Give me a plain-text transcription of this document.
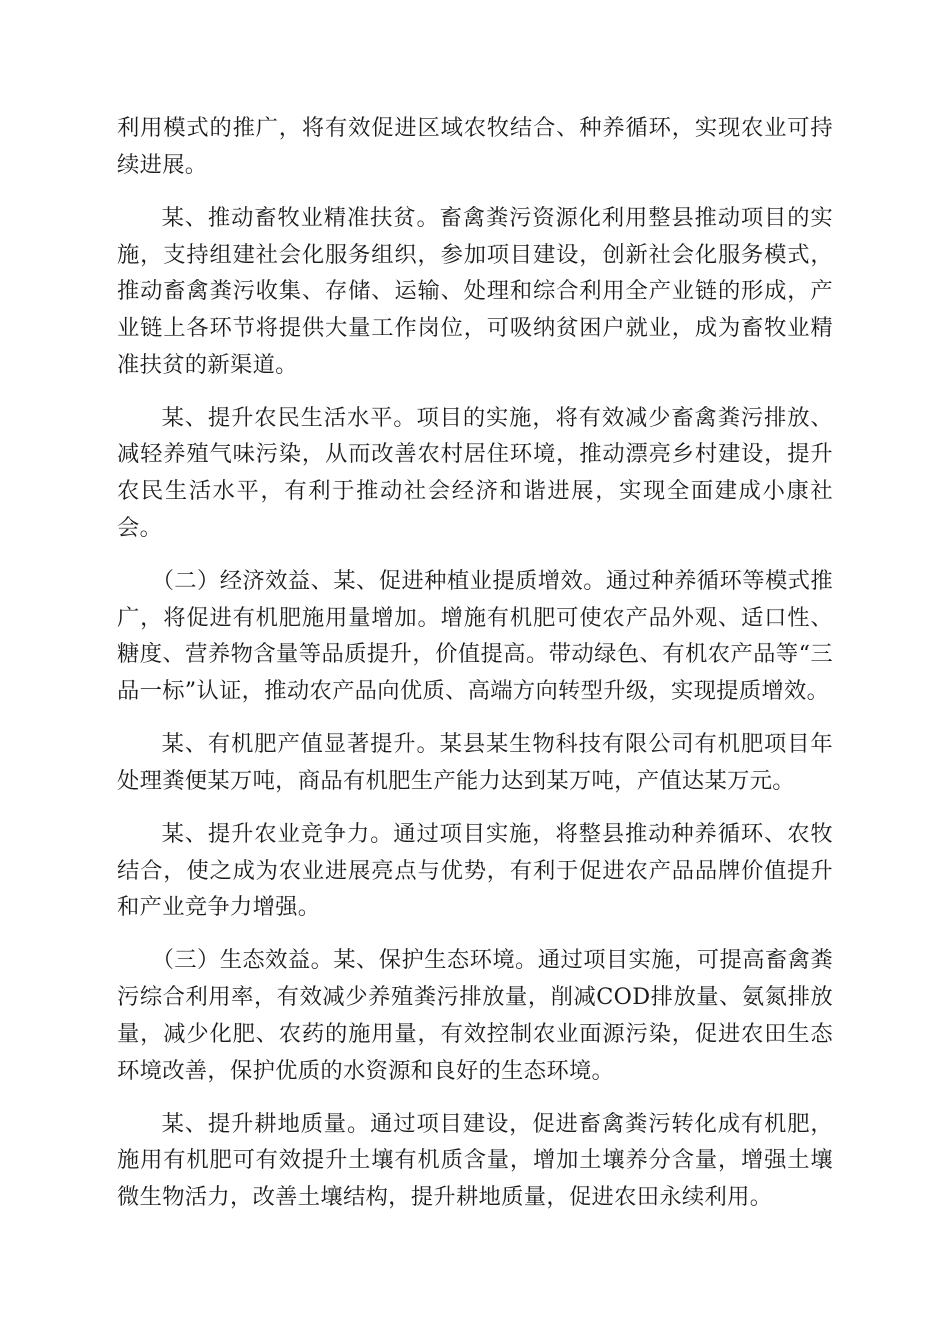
利用模式的推广，将有效促进区域农牧结合、种养循环，实现农业可持续进展。

某、推动畜牧业精准扶贫。畜禽粪污资源化利用整县推动项目的实施，支持组建社会化服务组织，参加项目建设，创新社会化服务模式，推动畜禽粪污收集、存储、运输、处理和综合利用全产业链的形成，产业链上各环节将提供大量工作岗位，可吸纳贫困户就业，成为畜牧业精准扶贫的新渠道。

某、提升农民生活水平。项目的实施，将有效减少畜禽粪污排放、减轻养殖气味污染，从而改善农村居住环境，推动漂亮乡村建设，提升农民生活水平，有利于推动社会经济和谐进展，实现全面建成小康社会。

（二）经济效益、某、促进种植业提质增效。通过种养循环等模式推广，将促进有机肥施用量增加。增施有机肥可使农产品外观、适口性、糖度、营养物含量等品质提升，价值提高。带动绿色、有机农产品等“三品一标”认证，推动农产品向优质、高端方向转型升级，实现提质增效。

某、有机肥产值显著提升。某县某生物科技有限公司有机肥项目年处理粪便某万吨，商品有机肥生产能力达到某万吨，产值达某万元。

某、提升农业竞争力。通过项目实施，将整县推动种养循环、农牧结合，使之成为农业进展亮点与优势，有利于促进农产品品牌价值提升和产业竞争力增强。

（三）生态效益。某、保护生态环境。通过项目实施，可提高畜禽粪污综合利用率，有效减少养殖粪污排放量，削减COD排放量、氨氮排放量，减少化肥、农药的施用量，有效控制农业面源污染，促进农田生态环境改善，保护优质的水资源和良好的生态环境。

某、提升耕地质量。通过项目建设，促进畜禽粪污转化成有机肥，施用有机肥可有效提升土壤有机质含量，增加土壤养分含量，增强土壤微生物活力，改善土壤结构，提升耕地质量，促进农田永续利用。
